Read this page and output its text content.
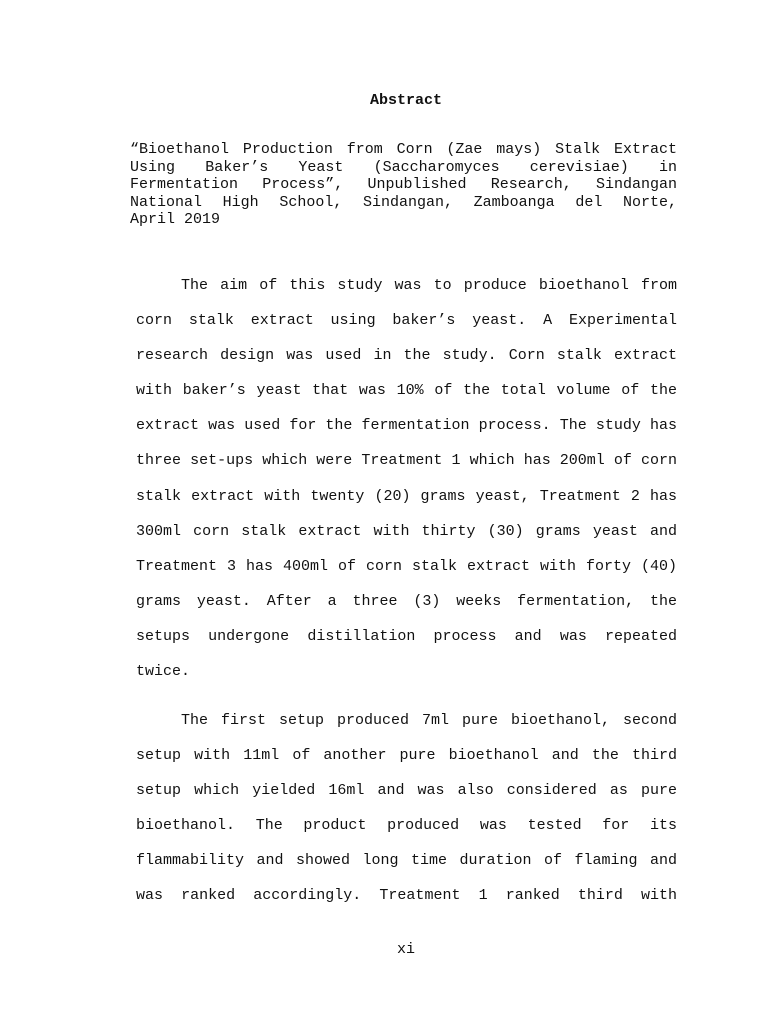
Abstract
“Bioethanol Production from Corn (Zae mays) Stalk Extract
Using Baker’s Yeast (Saccharomyces cerevisiae) in
Fermentation Process”, Unpublished Research, Sindangan
National High School, Sindangan, Zamboanga del Norte,
April 2019
The aim of this study was to produce bioethanol from
corn stalk extract using baker’s yeast. A Experimental
research design was used in the study. Corn stalk extract
with baker’s yeast that was 10% of the total volume of the
extract was used for the fermentation process. The study has
three set-ups which were Treatment 1 which has 200ml of corn
stalk extract with twenty (20) grams yeast, Treatment 2 has
300ml corn stalk extract with thirty (30) grams yeast and
Treatment 3 has 400ml of corn stalk extract with forty (40)
grams yeast. After a three (3) weeks fermentation, the
setups undergone distillation process and was repeated
twice.
The first setup produced 7ml pure bioethanol, second
setup with 11ml of another pure bioethanol and the third
setup which yielded 16ml and was also considered as pure
bioethanol. The product produced was tested for its
flammability and showed long time duration of flaming and
was ranked accordingly. Treatment 1 ranked third with
xi
